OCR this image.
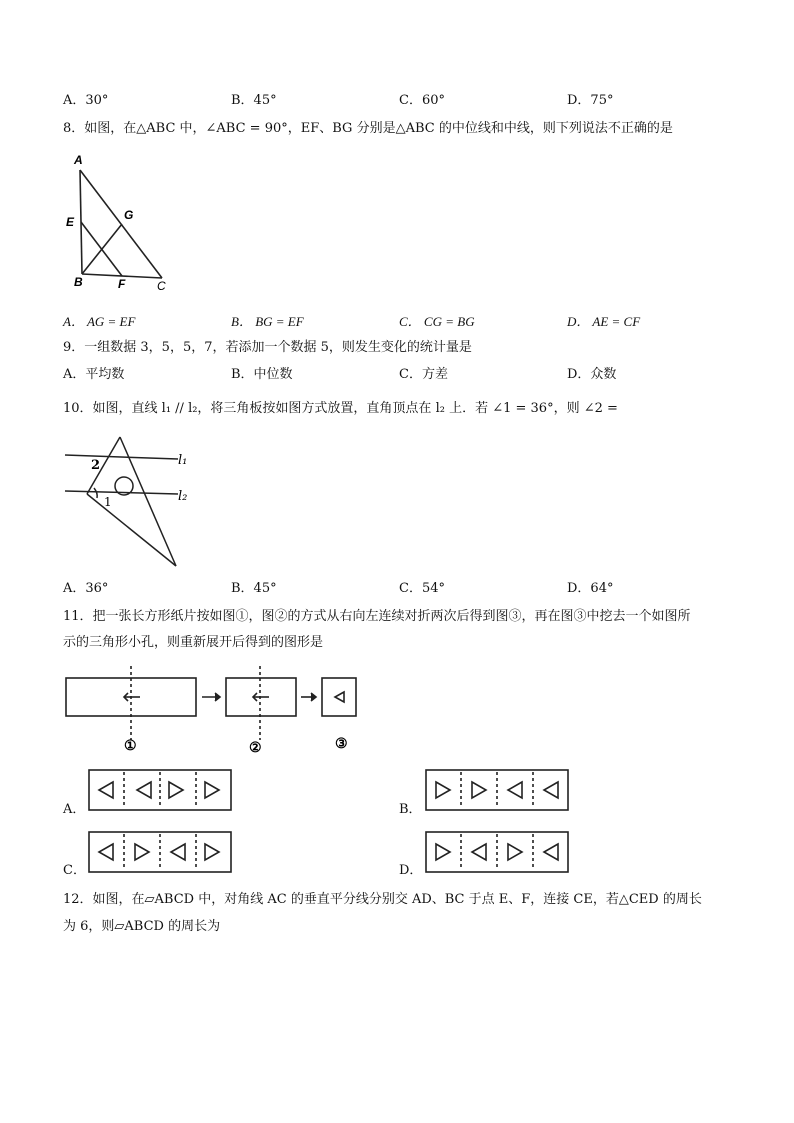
A．30°	B．45°	C．60°	D．75°
8．如图，在△ABC 中，∠ABC = 90°，EF、BG 分别是△ABC 的中位线和中线，则下列说法不正确的是
A
E	G
B	F	C
A． AG = EF	B． BG = EF	C． CG = BG	D． AE = CF
9．一组数据 3，5，5，7，若添加一个数据 5，则发生变化的统计量是
A．平均数	B．中位数	C．方差	D．众数
10．如图，直线 l₁ // l₂，将三角板按如图方式放置，直角顶点在 l₂ 上．若 ∠1 = 36°，则 ∠2 =
2
1
l₁
l₂
A．36°	B．45°	C．54°	D．64°
11．把一张长方形纸片按如图①，图②的方式从右向左连续对折两次后得到图③，再在图③中挖去一个如图所
示的三角形小孔，则重新展开后得到的图形是
①	②	③
A．	B．
C．	D．
12．如图，在▱ABCD 中，对角线 AC 的垂直平分线分别交 AD、BC 于点 E、F，连接 CE，若△CED 的周长
为 6，则▱ABCD 的周长为
